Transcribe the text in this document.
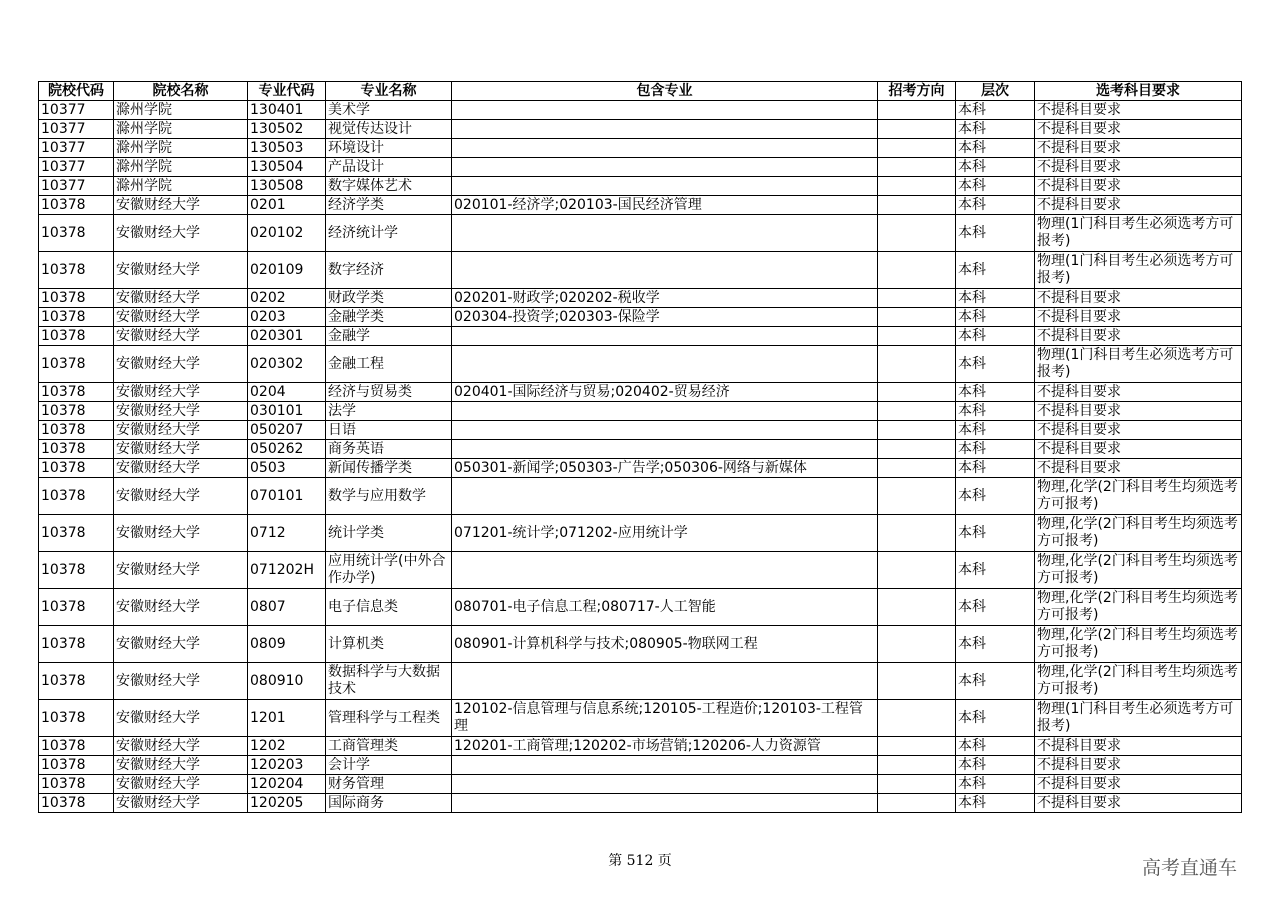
院校代码	院校名称	专业代码	专业名称	包含专业	招考方向	层次	选考科目要求
10377	滁州学院	130401	美术学			本科	不提科目要求
10377	滁州学院	130502	视觉传达设计			本科	不提科目要求
10377	滁州学院	130503	环境设计			本科	不提科目要求
10377	滁州学院	130504	产品设计			本科	不提科目要求
10377	滁州学院	130508	数字媒体艺术			本科	不提科目要求
10378	安徽财经大学	0201	经济学类	020101-经济学;020103-国民经济管理		本科	不提科目要求
10378	安徽财经大学	020102	经济统计学			本科	物理(1门科目考生必须选考方可报考)
10378	安徽财经大学	020109	数字经济			本科	物理(1门科目考生必须选考方可报考)
10378	安徽财经大学	0202	财政学类	020201-财政学;020202-税收学		本科	不提科目要求
10378	安徽财经大学	0203	金融学类	020304-投资学;020303-保险学		本科	不提科目要求
10378	安徽财经大学	020301	金融学			本科	不提科目要求
10378	安徽财经大学	020302	金融工程			本科	物理(1门科目考生必须选考方可报考)
10378	安徽财经大学	0204	经济与贸易类	020401-国际经济与贸易;020402-贸易经济		本科	不提科目要求
10378	安徽财经大学	030101	法学			本科	不提科目要求
10378	安徽财经大学	050207	日语			本科	不提科目要求
10378	安徽财经大学	050262	商务英语			本科	不提科目要求
10378	安徽财经大学	0503	新闻传播学类	050301-新闻学;050303-广告学;050306-网络与新媒体		本科	不提科目要求
10378	安徽财经大学	070101	数学与应用数学			本科	物理,化学(2门科目考生均须选考方可报考)
10378	安徽财经大学	0712	统计学类	071201-统计学;071202-应用统计学		本科	物理,化学(2门科目考生均须选考方可报考)
10378	安徽财经大学	071202H	应用统计学(中外合作办学)			本科	物理,化学(2门科目考生均须选考方可报考)
10378	安徽财经大学	0807	电子信息类	080701-电子信息工程;080717-人工智能		本科	物理,化学(2门科目考生均须选考方可报考)
10378	安徽财经大学	0809	计算机类	080901-计算机科学与技术;080905-物联网工程		本科	物理,化学(2门科目考生均须选考方可报考)
10378	安徽财经大学	080910	数据科学与大数据技术			本科	物理,化学(2门科目考生均须选考方可报考)
10378	安徽财经大学	1201	管理科学与工程类	120102-信息管理与信息系统;120105-工程造价;120103-工程管理		本科	物理(1门科目考生必须选考方可报考)
10378	安徽财经大学	1202	工商管理类	120201-工商管理;120202-市场营销;120206-人力资源管		本科	不提科目要求
10378	安徽财经大学	120203	会计学			本科	不提科目要求
10378	安徽财经大学	120204	财务管理			本科	不提科目要求
10378	安徽财经大学	120205	国际商务			本科	不提科目要求
第 512 页	高考直通车
